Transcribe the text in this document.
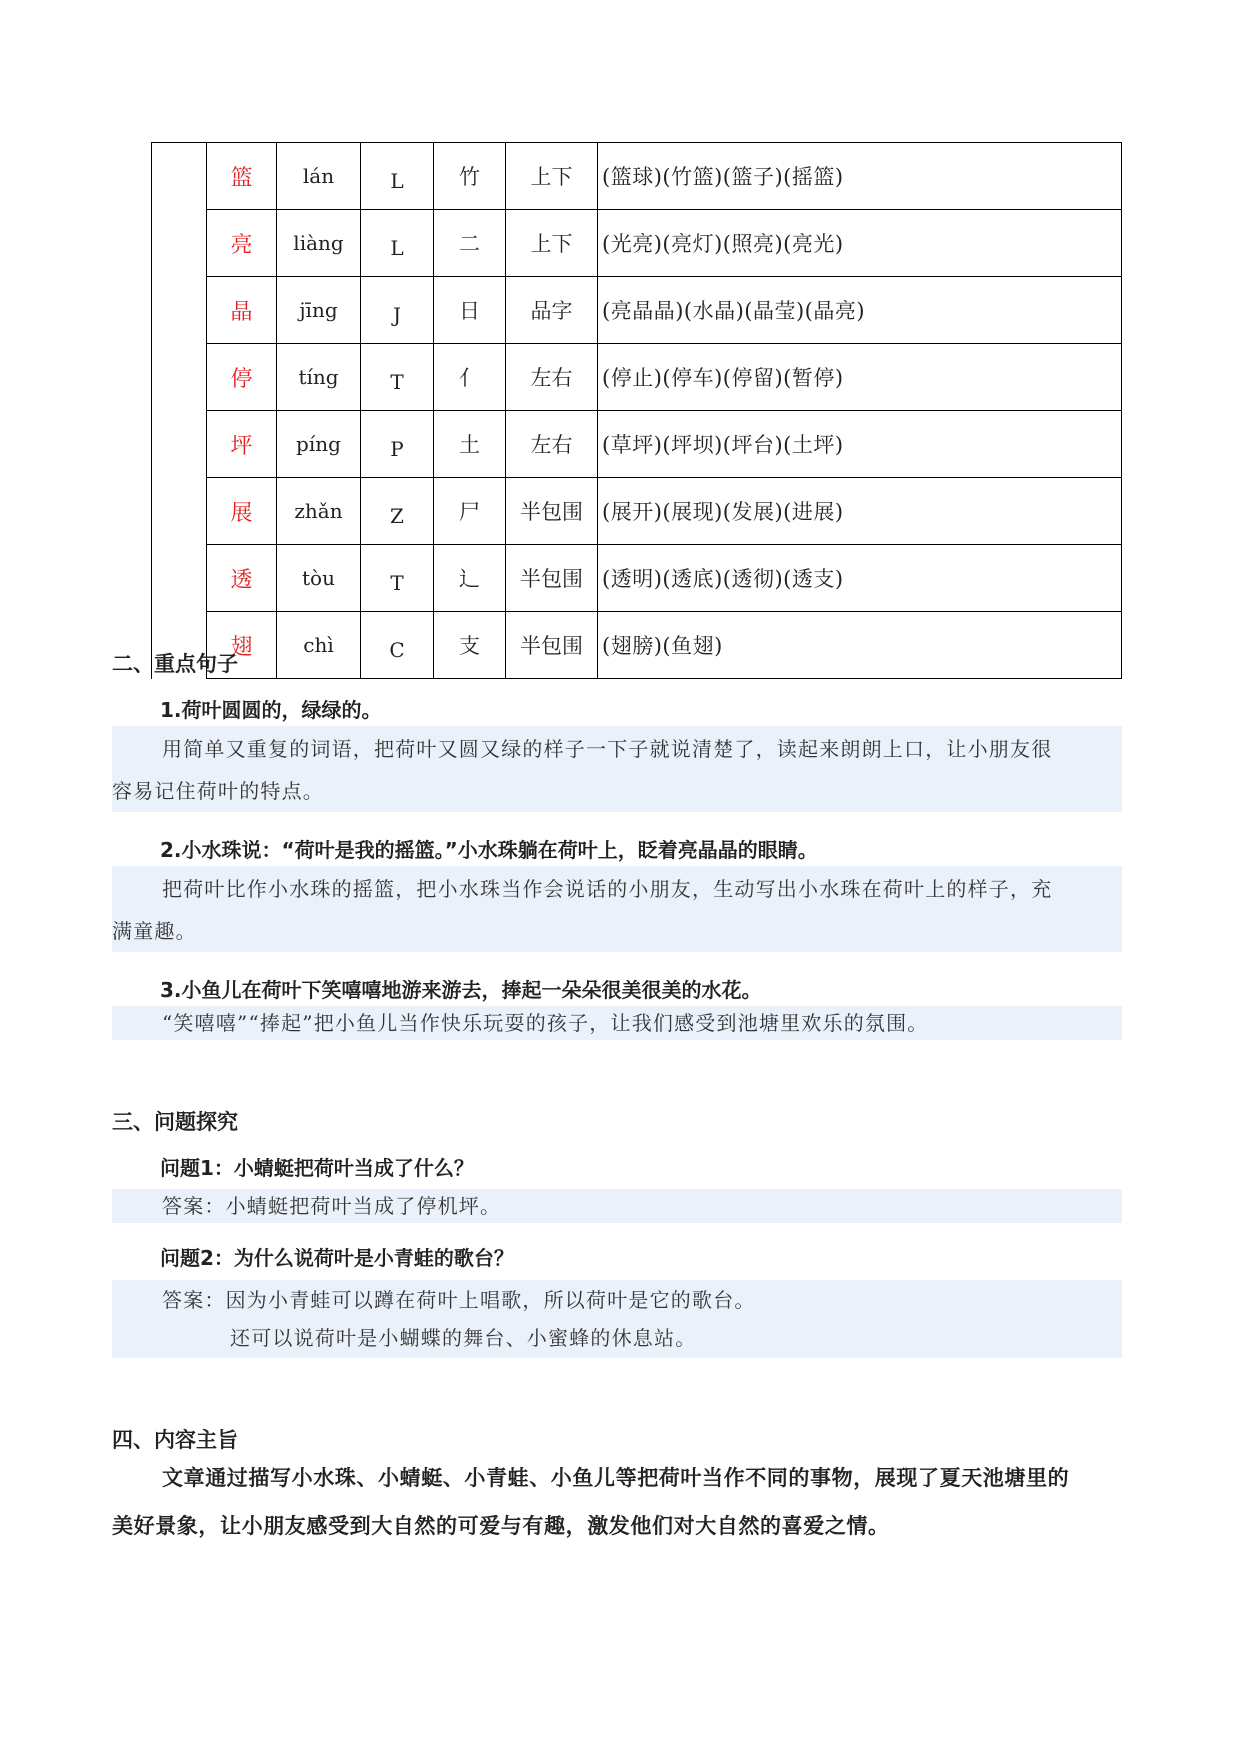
	篮	lán	L	竹	上下	(篮球)(竹篮)(篮子)(摇篮)
	亮	liàng	L	二	上下	(光亮)(亮灯)(照亮)(亮光)
	晶	jīng	J	日	品字	(亮晶晶)(水晶)(晶莹)(晶亮)
	停	tíng	T	亻	左右	(停止)(停车)(停留)(暂停)
	坪	píng	P	土	左右	(草坪)(坪坝)(坪台)(土坪)
	展	zhǎn	Z	尸	半包围	(展开)(展现)(发展)(进展)
	透	tòu	T	辶	半包围	(透明)(透底)(透彻)(透支)
	翅	chì	C	支	半包围	(翅膀)(鱼翅)
二、重点句子
1.荷叶圆圆的，绿绿的。
用简单又重复的词语，把荷叶又圆又绿的样子一下子就说清楚了，读起来朗朗上口，让小朋友很
容易记住荷叶的特点。
2.小水珠说：“荷叶是我的摇篮。”小水珠躺在荷叶上，眨着亮晶晶的眼睛。
把荷叶比作小水珠的摇篮，把小水珠当作会说话的小朋友，生动写出小水珠在荷叶上的样子，充
满童趣。
3.小鱼儿在荷叶下笑嘻嘻地游来游去，捧起一朵朵很美很美的水花。
“笑嘻嘻”“捧起”把小鱼儿当作快乐玩耍的孩子，让我们感受到池塘里欢乐的氛围。
三、问题探究
问题1：小蜻蜓把荷叶当成了什么？
答案：小蜻蜓把荷叶当成了停机坪。
问题2：为什么说荷叶是小青蛙的歌台？
答案：因为小青蛙可以蹲在荷叶上唱歌，所以荷叶是它的歌台。
还可以说荷叶是小蝴蝶的舞台、小蜜蜂的休息站。
四、内容主旨
文章通过描写小水珠、小蜻蜓、小青蛙、小鱼儿等把荷叶当作不同的事物，展现了夏天池塘里的
美好景象，让小朋友感受到大自然的可爱与有趣，激发他们对大自然的喜爱之情。
